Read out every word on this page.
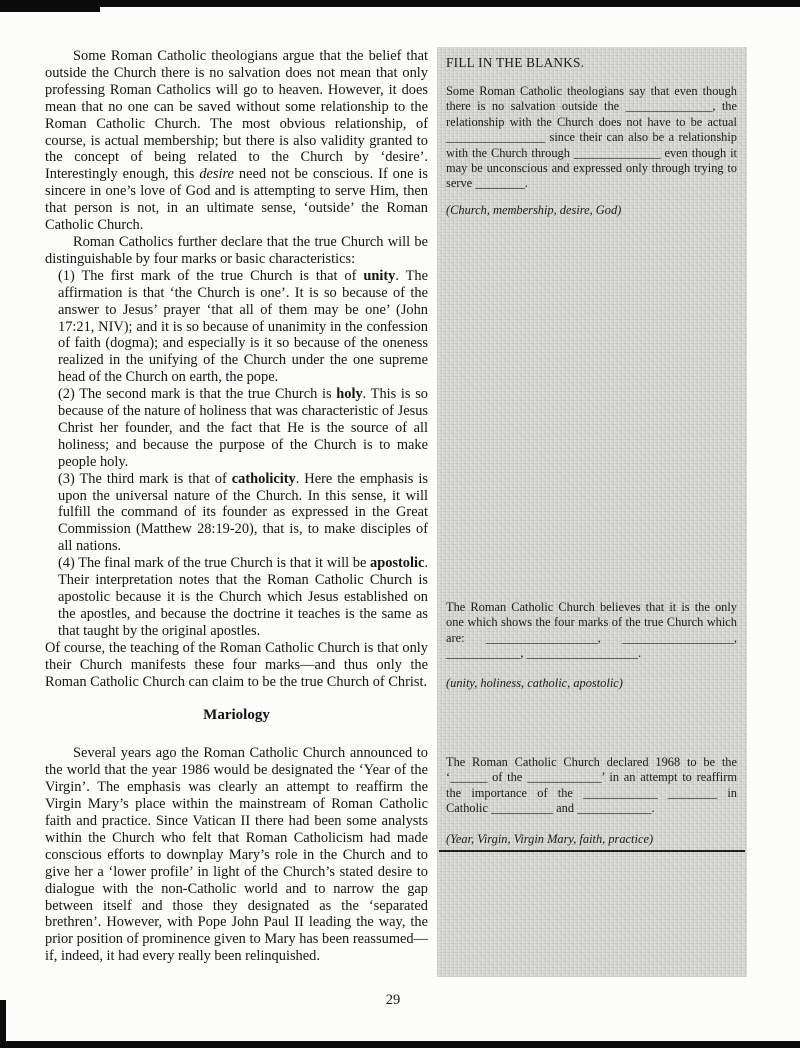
Some Roman Catholic theologians argue that the belief that outside the Church there is no salvation does not mean that only professing Roman Catholics will go to heaven. However, it does mean that no one can be saved without some relationship to the Roman Catholic Church. The most obvious relationship, of course, is actual membership; but there is also validity granted to the concept of being related to the Church by ‘desire’. Interestingly enough, this desire need not be conscious. If one is sincere in one’s love of God and is attempting to serve Him, then that person is not, in an ultimate sense, ‘outside’ the Roman Catholic Church.

Roman Catholics further declare that the true Church will be distinguishable by four marks or basic characteristics:

(1) The first mark of the true Church is that of unity. The affirmation is that ‘the Church is one’. It is so because of the answer to Jesus’ prayer ‘that all of them may be one’ (John 17:21, NIV); and it is so because of unanimity in the confession of faith (dogma); and especially is it so because of the oneness realized in the unifying of the Church under the one supreme head of the Church on earth, the pope.

(2) The second mark is that the true Church is holy. This is so because of the nature of holiness that was characteristic of Jesus Christ her founder, and the fact that He is the source of all holiness; and because the purpose of the Church is to make people holy.

(3) The third mark is that of catholicity. Here the emphasis is upon the universal nature of the Church. In this sense, it will fulfill the command of its founder as expressed in the Great Commission (Matthew 28:19-20), that is, to make disciples of all nations.

(4) The final mark of the true Church is that it will be apostolic. Their interpretation notes that the Roman Catholic Church is apostolic because it is the Church which Jesus established on the apostles, and because the doctrine it teaches is the same as that taught by the original apostles.

Of course, the teaching of the Roman Catholic Church is that only their Church manifests these four marks—and thus only the Roman Catholic Church can claim to be the true Church of Christ.

Mariology

Several years ago the Roman Catholic Church announced to the world that the year 1986 would be designated the ‘Year of the Virgin’. The emphasis was clearly an attempt to reaffirm the Virgin Mary’s place within the mainstream of Roman Catholic faith and practice. Since Vatican II there had been some analysts within the Church who felt that Roman Catholicism had made conscious efforts to downplay Mary’s role in the Church and to give her a ‘lower profile’ in light of the Church’s stated desire to dialogue with the non-Catholic world and to narrow the gap between itself and those they designated as the ‘separated brethren’. However, with Pope John Paul II leading the way, the prior position of prominence given to Mary has been reassumed—if, indeed, it had every really been relinquished.

FILL IN THE BLANKS.

Some Roman Catholic theologians say that even though there is no salvation outside the ______________, the relationship with the Church does not have to be actual ________________ since their can also be a relationship with the Church through ______________ even though it may be unconscious and expressed only through trying to serve ________.

(Church, membership, desire, God)

The Roman Catholic Church believes that it is the only one which shows the four marks of the true Church which are: __________________, __________________, ____________, __________________.

(unity, holiness, catholic, apostolic)

The Roman Catholic Church declared 1968 to be the ‘______ of the ____________’ in an attempt to reaffirm the importance of the ____________ ________ in Catholic __________ and ____________.

(Year, Virgin, Virgin Mary, faith, practice)

29
